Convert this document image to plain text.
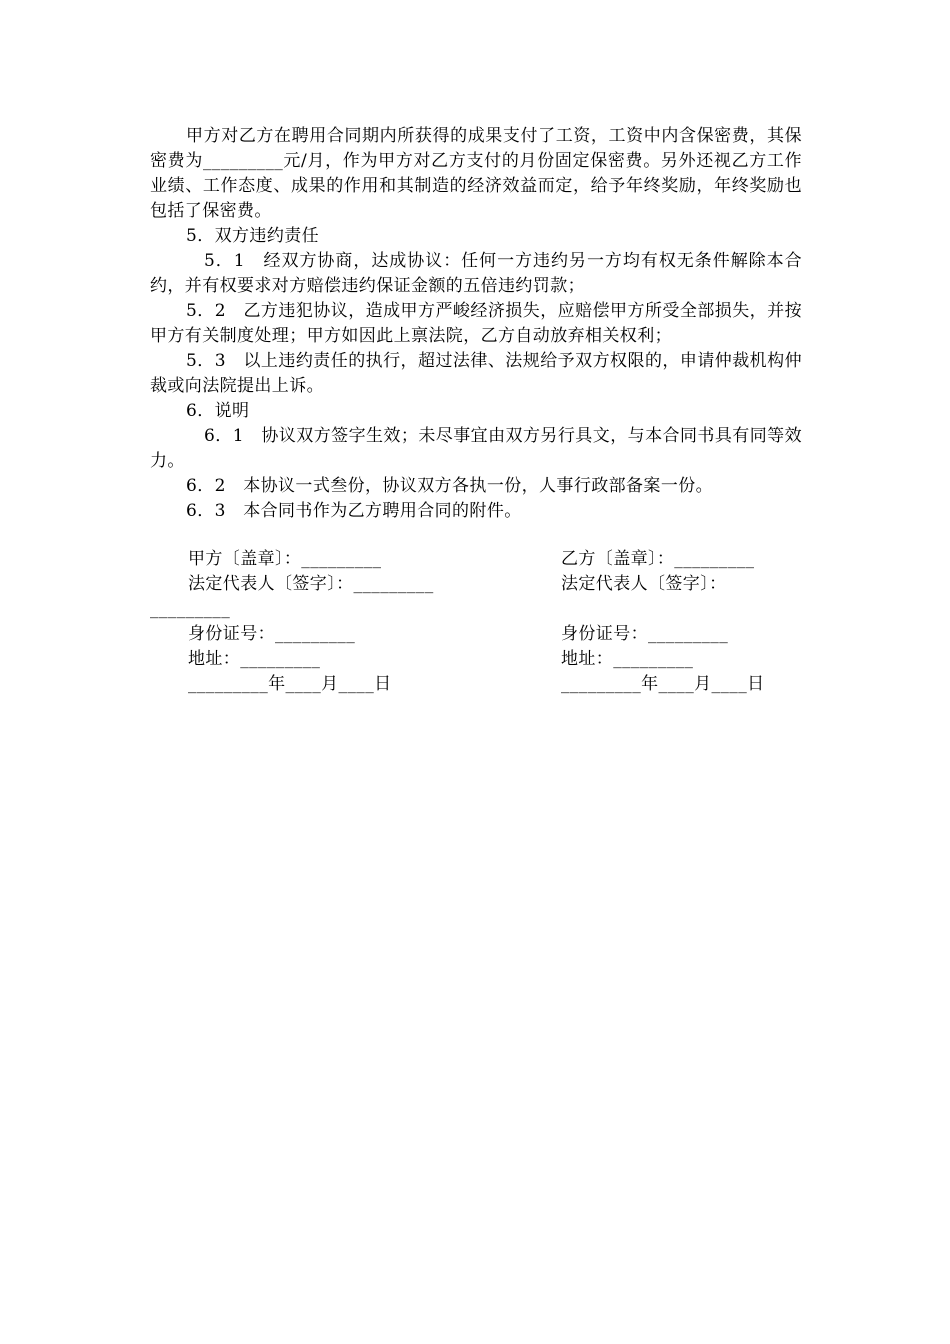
甲方对乙方在聘用合同期内所获得的成果支付了工资，工资中内含保密费，其保密费为_________元/月，作为甲方对乙方支付的月份固定保密费。另外还视乙方工作业绩、工作态度、成果的作用和其制造的经济效益而定，给予年终奖励，年终奖励也包括了保密费。

5．双方违约责任

5．1　经双方协商，达成协议：任何一方违约另一方均有权无条件解除本合约，并有权要求对方赔偿违约保证金额的五倍违约罚款；

5．2　乙方违犯协议，造成甲方严峻经济损失，应赔偿甲方所受全部损失，并按甲方有关制度处理；甲方如因此上禀法院，乙方自动放弃相关权利；

5．3　以上违约责任的执行，超过法律、法规给予双方权限的，申请仲裁机构仲裁或向法院提出上诉。

6．说明

6．1　协议双方签字生效；未尽事宜由双方另行具文，与本合同书具有同等效力。

6．2　本协议一式叁份，协议双方各执一份，人事行政部备案一份。

6．3　本合同书作为乙方聘用合同的附件。

甲方〔盖章〕：_________
法定代表人〔签字〕：_________
身份证号：_________
地址：_________
_________年____月____日
_________
乙方〔盖章〕：_________
法定代表人〔签字〕：
身份证号：_________
地址：_________
_________年____月____日
